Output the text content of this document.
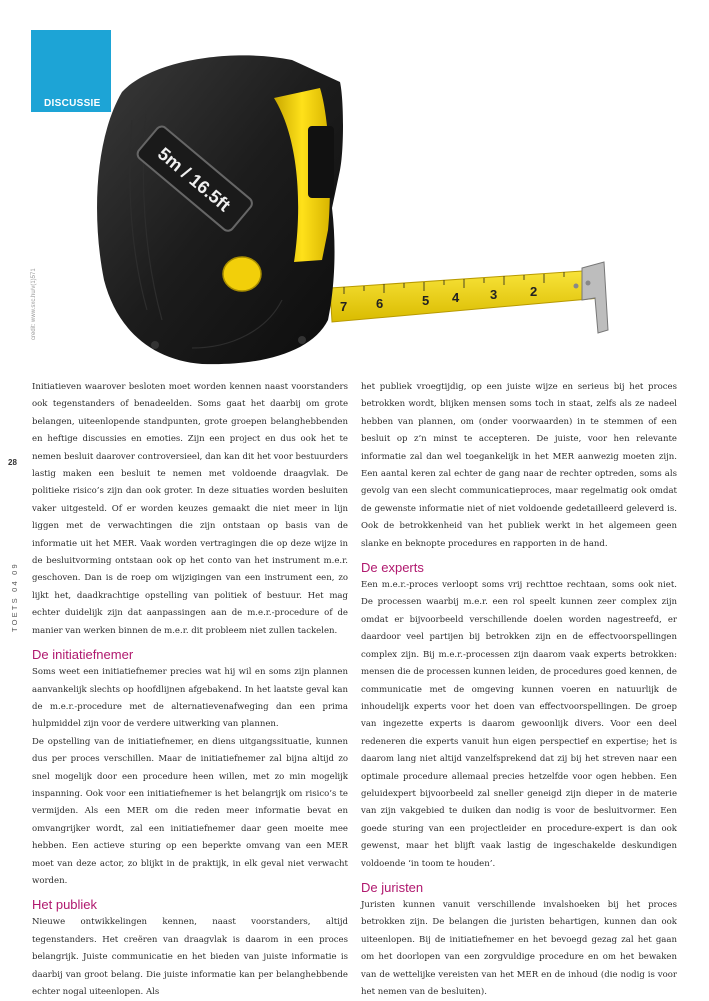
7 6	5 4 3	2
5m / 16.5ft
DISCUSSIE
credit: www.sxc.hu/v(1)571
28
TOETS 04 09

Initiatieven waarover besloten moet worden kennen naast voorstanders ook tegenstanders of benadeelden. Soms gaat het daarbij om grote belangen, uiteenlopende standpunten, grote groepen belanghebbenden en heftige discussies en emoties. Zijn een project en dus ook het te nemen besluit daarover controversieel, dan kan dit het voor bestuurders lastig maken een besluit te nemen met voldoende draagvlak. De politieke risico’s zijn dan ook groter. In deze situaties worden besluiten vaker uitgesteld. Of er worden keuzes gemaakt die niet meer in lijn liggen met de verwachtingen die zijn ontstaan op basis van de informatie uit het MER. Vaak worden vertragingen die op deze wijze in de besluitvorming ontstaan ook op het conto van het instrument m.e.r. geschoven. Dan is de roep om wijzigingen van een instrument een, zo lijkt het, daadkrachtige opstelling van politiek of bestuur. Het mag echter duidelijk zijn dat aanpassingen aan de m.e.r.-procedure of de manier van werken binnen de m.e.r. dit probleem niet zullen tackelen.

De initiatiefnemer

Soms weet een initiatiefnemer precies wat hij wil en soms zijn plannen aanvankelijk slechts op hoofdlijnen afgebakend. In het laatste geval kan de m.e.r.-procedure met de alternatievenafweging dan een prima hulpmiddel zijn voor de verdere uitwerking van plannen.

De opstelling van de initiatiefnemer, en diens uitgangssituatie, kunnen dus per proces verschillen. Maar de initiatiefnemer zal bijna altijd zo snel mogelijk door een procedure heen willen, met zo min mogelijk inspanning. Ook voor een initiatiefnemer is het belangrijk om risico’s te vermijden. Als een MER om die reden meer informatie bevat en omvangrijker wordt, zal een initiatiefnemer daar geen moeite mee hebben. Een actieve sturing op een beperkte omvang van een MER moet van deze actor, zo blijkt in de praktijk, in elk geval niet verwacht worden.

Het publiek

Nieuwe ontwikkelingen kennen, naast voorstanders, altijd tegenstanders. Het creëren van draagvlak is daarom in een proces belangrijk. Juiste communicatie en het bieden van juiste informatie is daarbij van groot belang. Die juiste informatie kan per belanghebbende echter nogal uiteenlopen. Als

het publiek vroegtijdig, op een juiste wijze en serieus bij het proces betrokken wordt, blijken mensen soms toch in staat, zelfs als ze nadeel hebben van plannen, om (onder voorwaarden) in te stemmen of een besluit op z’n minst te accepteren. De juiste, voor hen relevante informatie zal dan wel toegankelijk in het MER aanwezig moeten zijn. Een aantal keren zal echter de gang naar de rechter optreden, soms als gevolg van een slecht communicatieproces, maar regelmatig ook omdat de gewenste informatie niet of niet voldoende gedetailleerd geleverd is. Ook de betrokkenheid van het publiek werkt in het algemeen geen slanke en beknopte procedures en rapporten in de hand.

De experts

Een m.e.r.-proces verloopt soms vrij rechttoe rechtaan, soms ook niet. De processen waarbij m.e.r. een rol speelt kunnen zeer complex zijn omdat er bijvoorbeeld verschillende doelen worden nagestreefd, er daardoor veel partijen bij betrokken zijn en de effectvoorspellingen complex zijn. Bij m.e.r.-processen zijn daarom vaak experts betrokken: mensen die de processen kunnen leiden, de procedures goed kennen, de communicatie met de omgeving kunnen voeren en natuurlijk de inhoudelijk experts voor het doen van effectvoorspellingen. De groep van ingezette experts is daarom gewoonlijk divers. Voor een deel redeneren die experts vanuit hun eigen perspectief en expertise; het is daarom lang niet altijd vanzelfsprekend dat zij bij het streven naar een optimale procedure allemaal precies hetzelfde voor ogen hebben. Een geluidexpert bijvoorbeeld zal sneller geneigd zijn dieper in de materie van zijn vakgebied te duiken dan nodig is voor de besluitvormer. Een goede sturing van een projectleider en procedure-expert is dan ook gewenst, maar het blijft vaak lastig de ingeschakelde deskundigen voldoende ‘in toom te houden’.

De juristen

Juristen kunnen vanuit verschillende invalshoeken bij het proces betrokken zijn. De belangen die juristen behartigen, kunnen dan ook uiteenlopen. Bij de initiatiefnemer en het bevoegd gezag zal het gaan om het doorlopen van een zorgvuldige procedure en om het bewaken van de wettelijke vereisten van het MER en de inhoud (die nodig is voor het nemen van de besluiten).
